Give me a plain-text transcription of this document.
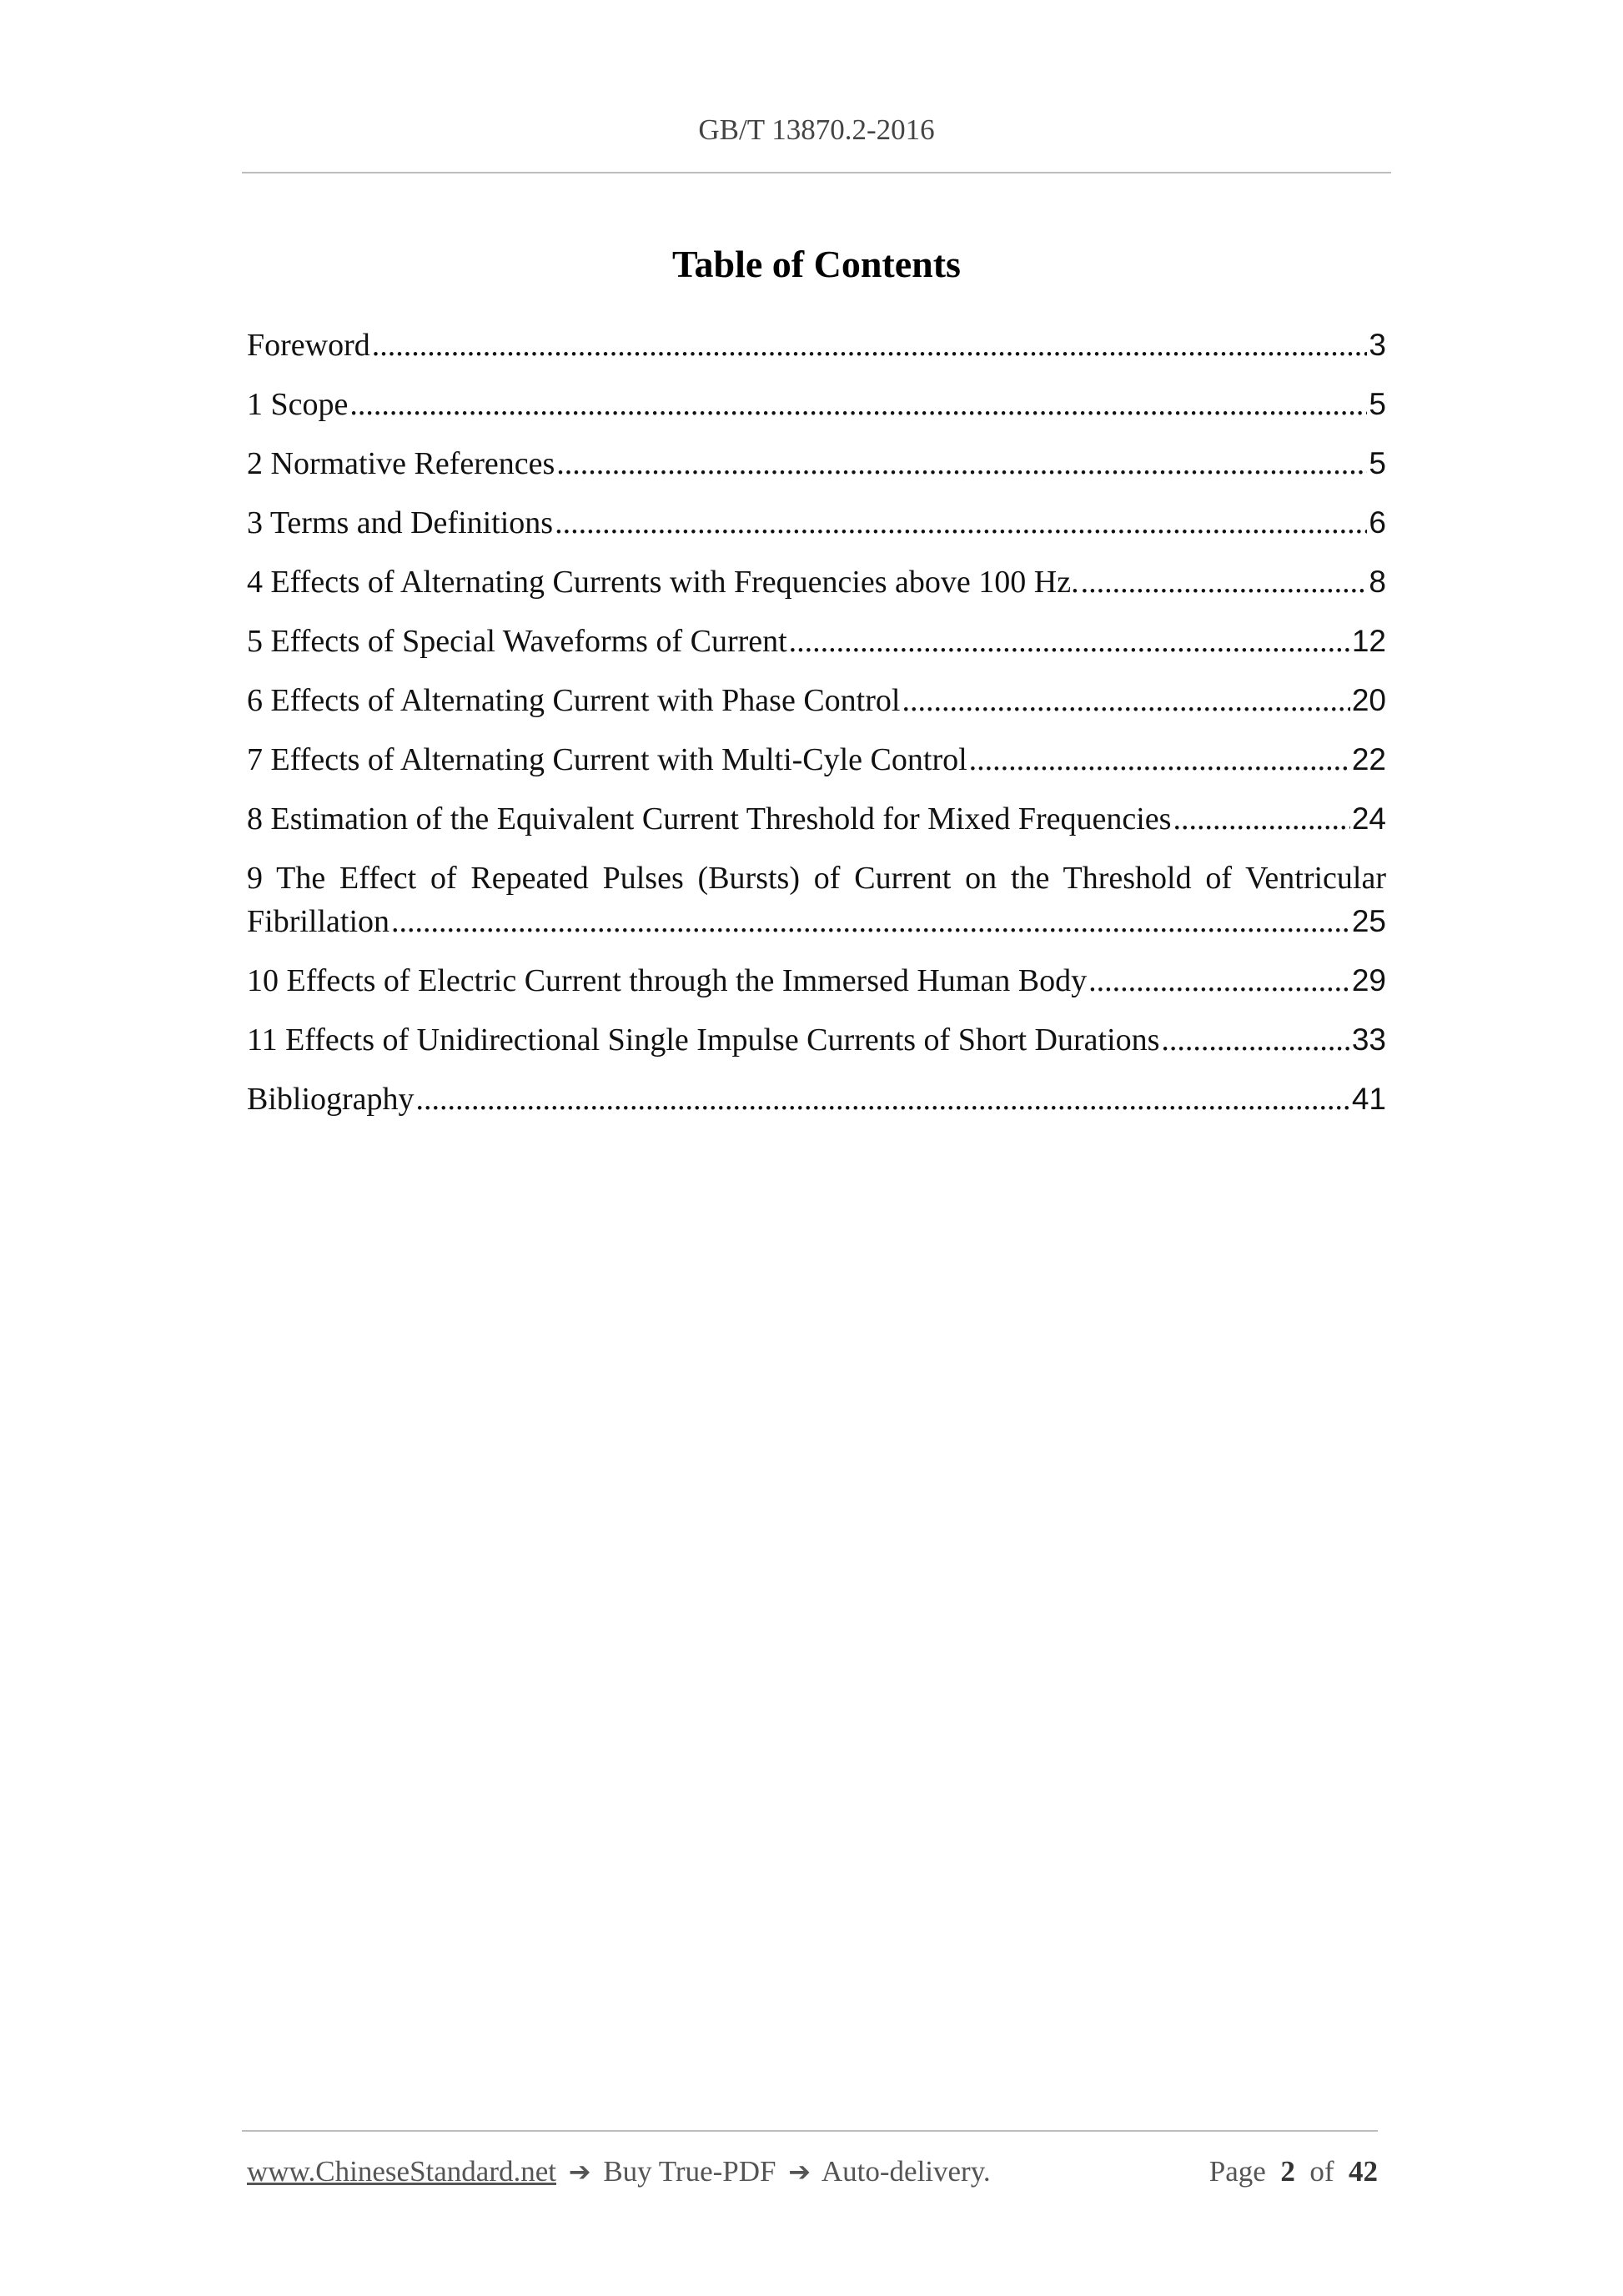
GB/T 13870.2-2016
Table of Contents
Foreword .....	3
1 Scope .....	5
2 Normative References .....	5
3 Terms and Definitions .....	6
4 Effects of Alternating Currents with Frequencies above 100 Hz. .....	8
5 Effects of Special Waveforms of Current .....	12
6 Effects of Alternating Current with Phase Control .....	20
7 Effects of Alternating Current with Multi-Cyle Control .....	22
8 Estimation of the Equivalent Current Threshold for Mixed Frequencies .....	24
9 The Effect of Repeated Pulses (Bursts) of Current on the Threshold of Ventricular
Fibrillation .....	25
10 Effects of Electric Current through the Immersed Human Body .....	29
11 Effects of Unidirectional Single Impulse Currents of Short Durations .....	33
Bibliography .....	41
www.ChineseStandard.net ➔ Buy True-PDF ➔ Auto-delivery.	Page 2 of 42
